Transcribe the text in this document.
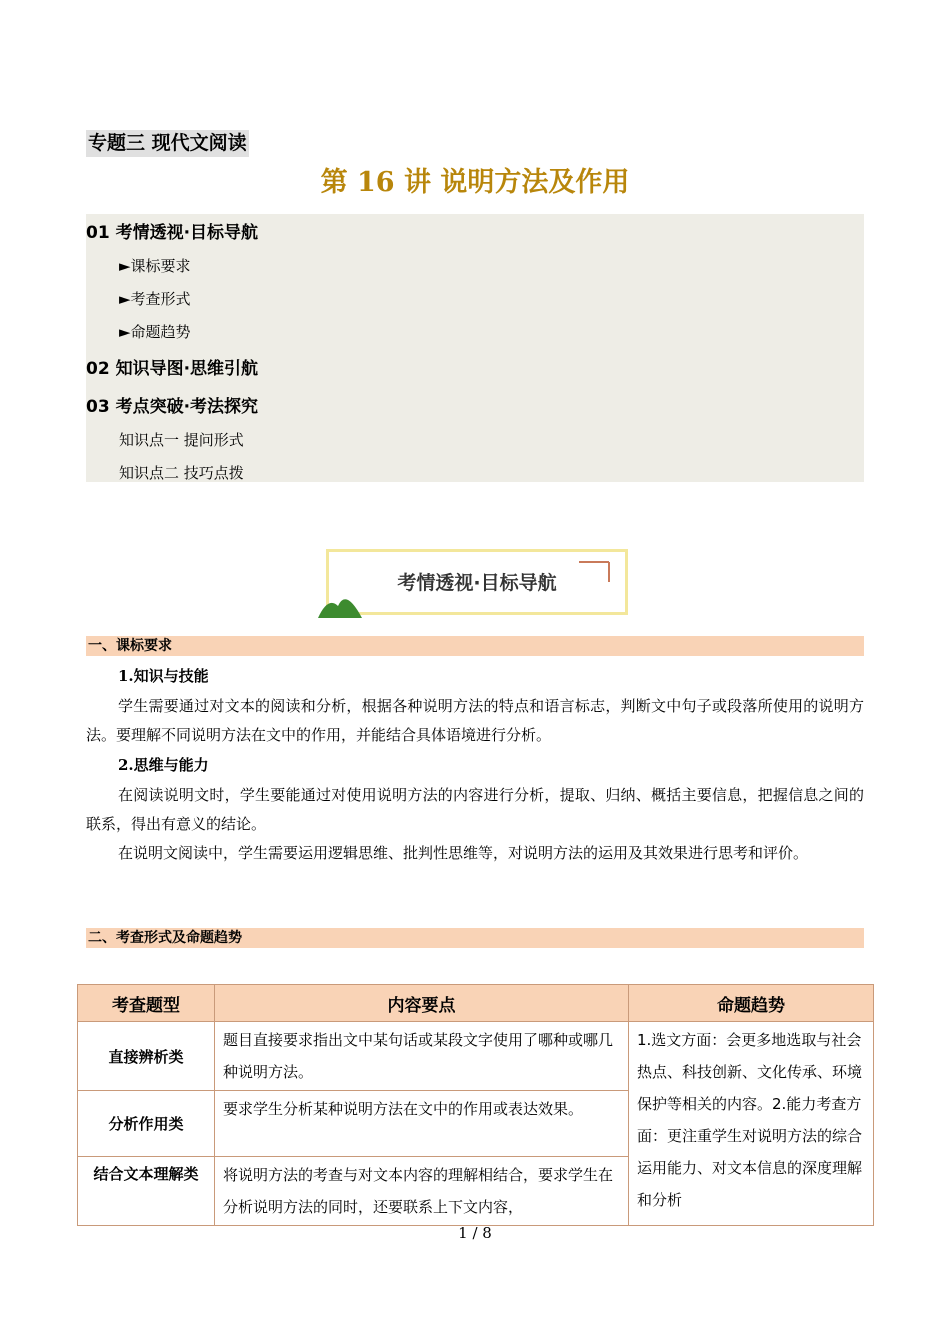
专题三 现代文阅读
第 16 讲 说明方法及作用
01 考情透视·目标导航
►课标要求
►考查形式
►命题趋势
02 知识导图·思维引航
03 考点突破·考法探究
知识点一 提问形式
知识点二 技巧点拨
考情透视·目标导航
一、课标要求
1.知识与技能
学生需要通过对文本的阅读和分析，根据各种说明方法的特点和语言标志，判断文中句子或段落所使用的说明方法。要理解不同说明方法在文中的作用，并能结合具体语境进行分析。
2.思维与能力
在阅读说明文时，学生要能通过对使用说明方法的内容进行分析，提取、归纳、概括主要信息，把握信息之间的联系，得出有意义的结论。
在说明文阅读中，学生需要运用逻辑思维、批判性思维等，对说明方法的运用及其效果进行思考和评价。
二、考查形式及命题趋势
考查题型	内容要点	命题趋势
直接辨析类	题目直接要求指出文中某句话或某段文字使用了哪种或哪几种说明方法。	1.选文方面：会更多地选取与社会热点、科技创新、文化传承、环境保护等相关的内容。2.能力考查方面：更注重学生对说明方法的综合运用能力、对文本信息的深度理解和分析
分析作用类	要求学生分析某种说明方法在文中的作用或表达效果。	
结合文本理解类	将说明方法的考查与对文本内容的理解相结合，要求学生在分析说明方法的同时，还要联系上下文内容，	
1 / 8
